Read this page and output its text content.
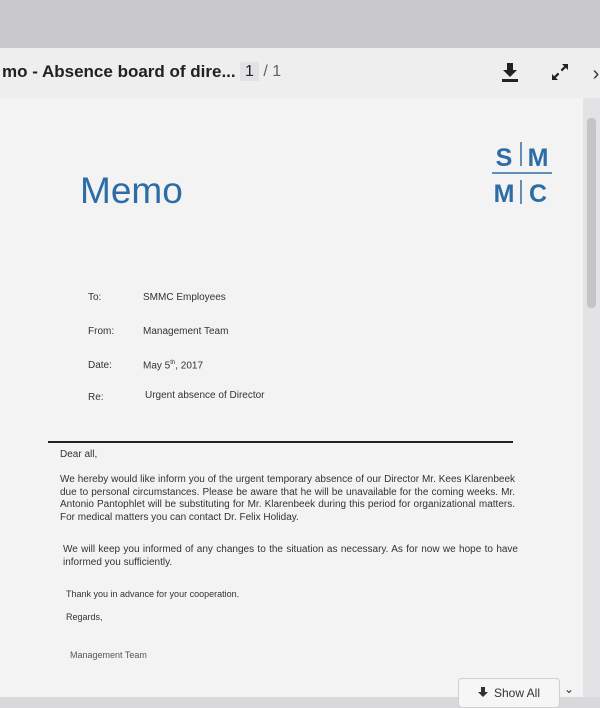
mo - Absence board of dire... 1 / 1	›
Memo
S M
M C
To:	SMMC Employees
From:	Management Team
Date:	May 5th, 2017
Re:	Urgent absence of Director
Dear all,
We hereby would like inform you of the urgent temporary absence of our Director Mr. Kees Klarenbeek due to personal circumstances. Please be aware that he will be unavailable for the coming weeks. Mr. Antonio Pantophlet will be substituting for Mr. Klarenbeek during this period for organizational matters. For medical matters you can contact Dr. Felix Holiday.
We will keep you informed of any changes to the situation as necessary. As for now we hope to have informed you sufficiently.
Thank you in advance for your cooperation.
Regards,
Management Team
Show All ⌄
